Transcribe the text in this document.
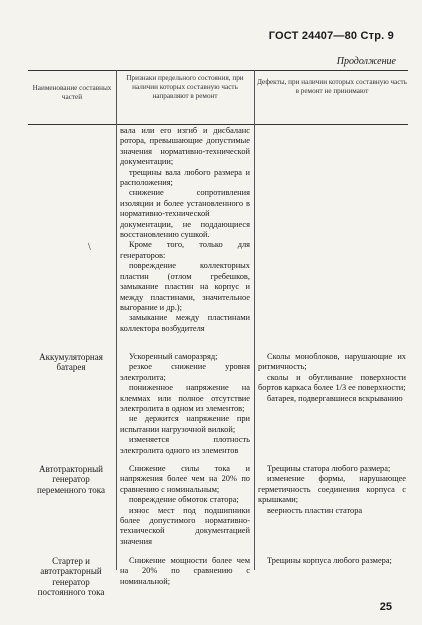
ГОСТ 24407—80 Стр. 9
Продолжение
Наименование составных частей
Признаки предельного состояния, при наличии которых составную часть направляют в ремонт
Дефекты, при наличии которых составную часть в ремонт не принимают
\

вала или его изгиб и дисбаланс ротора, превышающие допустимые значения нормативно-технической документации;

трещины вала любого размера и расположения;

снижение сопротивления изоляции и более установленного в нормативно-технической документации, не поддающиеся восстановлению сушкой.

Кроме того, только для генераторов:

повреждение коллекторных пластин (отлом гребешков, замыкание пластин на корпус и между пластинами, значительное выгорание и др.);

замыкание между пластинами коллектора возбудителя

Аккумуляторная батарея

Ускоренный саморазряд;

резкое снижение уровня электролита;

пониженное напряжение на клеммах или полное отсутствие электролита в одном из элементов;

не держится напряжение при испытании нагрузочной вилкой;

изменяется плотность электролита одного из элементов

Сколы моноблоков, нарушающие их ритмичность;

сколы и обугливание поверхности бортов каркаса более 1/3 ее поверхности;

батарея, подвергавшиеся вскрыванию

Автотракторный генератор переменного тока

Снижение силы тока и напряжения более чем на 20% по сравнению с номинальным;

повреждение обмоток статора;

износ мест под подшипники более допустимого нормативно-технической документацией значения

Трещины статора любого размера;

изменение формы, нарушающее герметичность соединения корпуса с крышками;

веерность пластин статора

Стартер и автотракторный генератор постоянного тока

Снижение мощности более чем на 20% по сравнению с номинальной;

Трещины корпуса любого размера;

25
